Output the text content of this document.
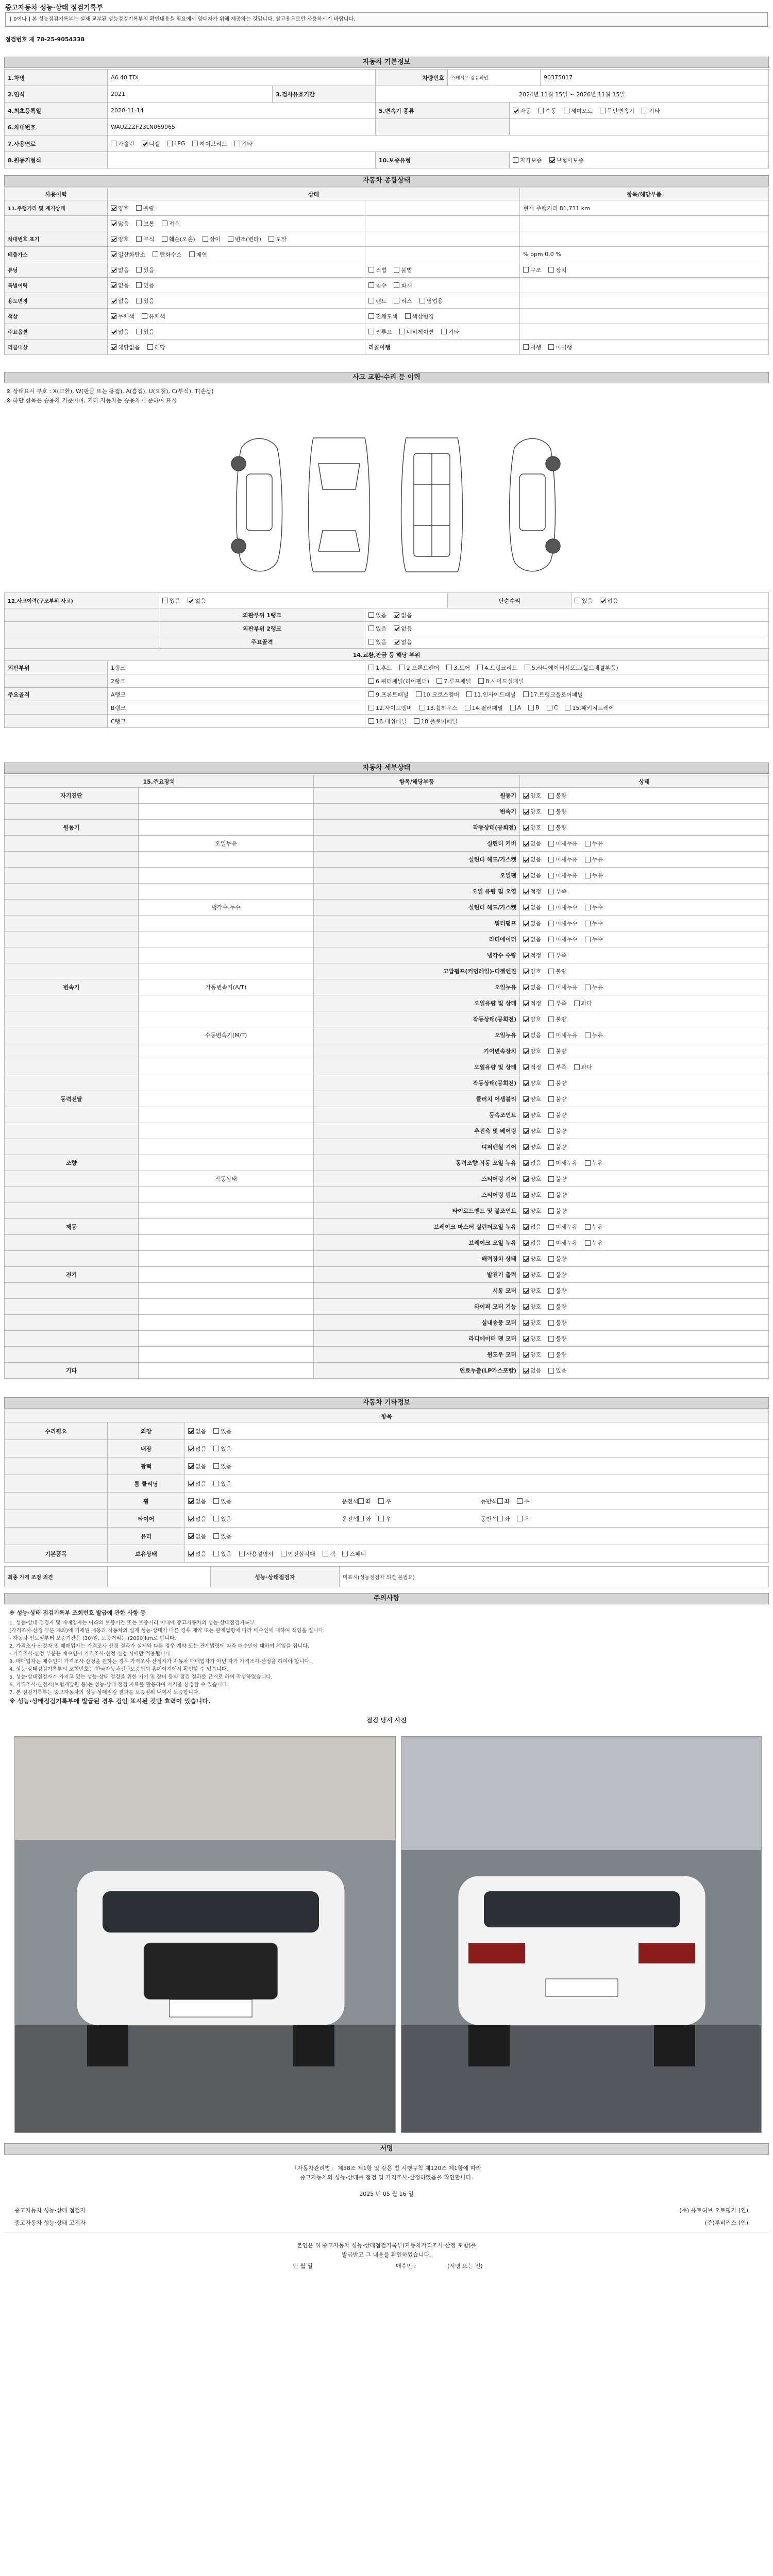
중고자동차 성능·상태 점검기록부
[ 0이나 ] 본 성능점검기록부는 실제 교부된 성능점검기록부의 확인내용을 필요에서 양대자가 위해 제공하는 것입니다. 참고용으로만 사용하시기 바랍니다.
점검번호 제 78-25-9054338
자동차 기본정보
1.차명	A6 40 TDI	차량번호	스페시프 컴퓨피언	90375017
2.연식	2021	3.검사유효기간	2024년 11월 15일 ~ 2026년 11월 15일
4.최초등록일	2020-11-14	5.변속기 종류	자동	수동	세미오토	무단변속기	기타
6.차대번호	WAUZZZF23LN069965
7.사용연료	가솔린	디젤	LPG	하이브리드	기타
8.원동기형식	10.보증유형	자가보증	보험사보증
자동차 종합상태
사용이력	상태	항목/해당부품
11.주행거리 및 계기상태	양호	불량	현재 주행거리 81,731 km
많음	보통	적음
차대번호 표기	양호	부식	훼손(오손)	상이	변조(변타)	도말
배출가스	일산화탄소	탄화수소	매연	% ppm 0.0 %
튜닝	없음	있음	적법	불법	구조	장치
특별이력	없음	있음	침수	화재
용도변경	없음	있음	렌트	리스	영업용
색상	무채색	유채색	전체도색	색상변경
주요옵션	없음	있음	썬루프	네비게이션	기타
리콜대상	해당없음	해당	리콜이행	이행	미이행
사고 교환·수리 등 이력
※ 상태표시 부호 : X(교환), W(판금 또는 용접), A(흠집), U(요철), C(부식), T(손상)
※ 하단 항목은 승용차 기준이며, 기타 자동차는 승용차에 준하여 표시
12.사고이력(구조부위 사고)	있음	없음	단순수리	있음	없음
외판부위 1랭크	있음	없음
외판부위 2랭크	있음	없음
주요골격	있음	없음
14.교환,판금 등 해당 부위
외판부위	1랭크	1.후드	2.프론트펜더	3.도어	4.트렁크리드	5.라디에이터서포트(볼트체결부품)
2랭크	6.쿼터패널(리어펜더)	7.루프패널	8.사이드실패널
주요골격	A랭크	9.프론트패널	10.크로스멤버	11.인사이드패널	17.트렁크플로어패널
B랭크	12.사이드멤버	13.휠하우스	14.필러패널	A	B	C	15.패키지트레이
C랭크	16.대쉬패널	18.플로어패널
자동차 세부상태
15.주요장치	항목/해당부품	상태
자기진단	원동기	양호	불량
변속기	양호	불량
원동기	작동상태(공회전)	양호	불량
오일누유	실린더 커버	없음	미세누유	누유
실린더 헤드/가스켓	없음	미세누유	누유
오일팬	없음	미세누유	누유
오일 유량 및 오염	적정	부족
냉각수 누수	실린더 헤드/가스켓	없음	미세누수	누수
워터펌프	없음	미세누수	누수
라디에이터	없음	미세누수	누수
냉각수 수량	적정	부족
고압펌프(커먼레일)-디젤엔진	양호	불량
변속기	자동변속기(A/T)	오일누유	없음	미세누유	누유
오일유량 및 상태	적정	부족	과다
작동상태(공회전)	양호	불량
수동변속기(M/T)	오일누유	없음	미세누유	누유
기어변속장치	양호	불량
오일유량 및 상태	적정	부족	과다
작동상태(공회전)	양호	불량
동력전달	클러치 어셈블리	양호	불량
등속조인트	양호	불량
추진축 및 베어링	양호	불량
디퍼렌셜 기어	양호	불량
조향	동력조향 작동 오일 누유	없음	미세누유	누유
작동상태	스티어링 기어	양호	불량
스티어링 펌프	양호	불량
타이로드엔드 및 볼조인트	양호	불량
제동	브레이크 마스터 실린더오일 누유	없음	미세누유	누유
브레이크 오일 누유	없음	미세누유	누유
배력장치 상태	양호	불량
전기	발전기 출력	양호	불량
시동 모터	양호	불량
와이퍼 모터 기능	양호	불량
실내송풍 모터	양호	불량
라디에이터 팬 모터	양호	불량
윈도우 모터	양호	불량
기타	연료누출(LP가스포함)	없음	있음
자동차 기타정보
항목
수리필요	외장	없음	있음
내장	없음	있음
광택	없음	있음
룸 클리닝	없음	있음
휠	없음	있음	운전석	좌	우	동반석	좌	우
타이어	없음	있음	운전석	좌	우	동반석	좌	우
유리	없음	있음
기본품목	보유상태	없음	있음	사용설명서	안전삼각대	잭	스패너
최종 가격 조정 의견	성능·상태점검자	미표시(성능점검자 의견 불필요)
주의사항
※ 성능·상태 점검기록부 조회번호 발급에 관한 사항 등
1. 성능·상태 점검자 및 매매업자는 아래의 보증기간 또는 보증거리 이내에 중고자동차의 성능·상태점검기록부
(가격조사·산정 부분 제외)에 기재된 내용과 자동차의 실제 성능·상태가 다른 경우 계약 또는 관계법령에 따라 매수인에 대하여 책임을 집니다.
- 자동차 인도일부터 보증기간은 (30)일, 보증거리는 (2000)km로 합니다.
2. 가격조사·산정자 및 매매업자는 가격조사·산정 결과가 실제와 다른 경우 계약 또는 관계법령에 따라 매수인에 대하여 책임을 집니다.
- 가격조사·산정 부분은 매수인이 가격조사·산정 신청 시에만 적용됩니다.
3. 매매업자는 매수인이 가격조사·산정을 원하는 경우 가격조사·산정자가 자동차 매매업자가 아닌 자가 가격조사·산정을 하여야 합니다.
4. 성능·상태점검기록부의 조회번호는 한국자동차진단보증협회 홈페이지에서 확인할 수 있습니다.
5. 성능·상태점검자가 가지고 있는 성능·상태 점검을 위한 기기 및 장비 등의 점검 결과를 근거로 하여 작성하였습니다.
6. 가격조사·산정자(보험개발원 등)는 성능·상태 점검 자료를 활용하여 가격을 산정할 수 있습니다.
7. 본 점검기록부는 중고자동차의 성능·상태점검 결과를 보증범위 내에서 보증합니다.
※ 성능·상태점검기록부에 발급된 경우 검인 표시된 것만 효력이 있습니다.
점검 당시 사진
서명
「자동차관리법」 제58조 제1항 및 같은 법 시행규칙 제120조 제1항에 따라
중고자동차의 성능·상태를 점검 및 가격조사·산정하였음을 확인합니다.
2025 년 05 월 16 일
중고자동차 성능·상태 점검자	(주) 유토허브 오토평가 (인)
중고자동차 성능·상태 고지자	(주)루비커스 (인)
본인은 위 중고자동차 성능·상태점검기록부(자동차가격조사·산정 포함)를
발급받고 그 내용을 확인하였습니다.
년 월 일	매수인 :	(서명 또는 인)
